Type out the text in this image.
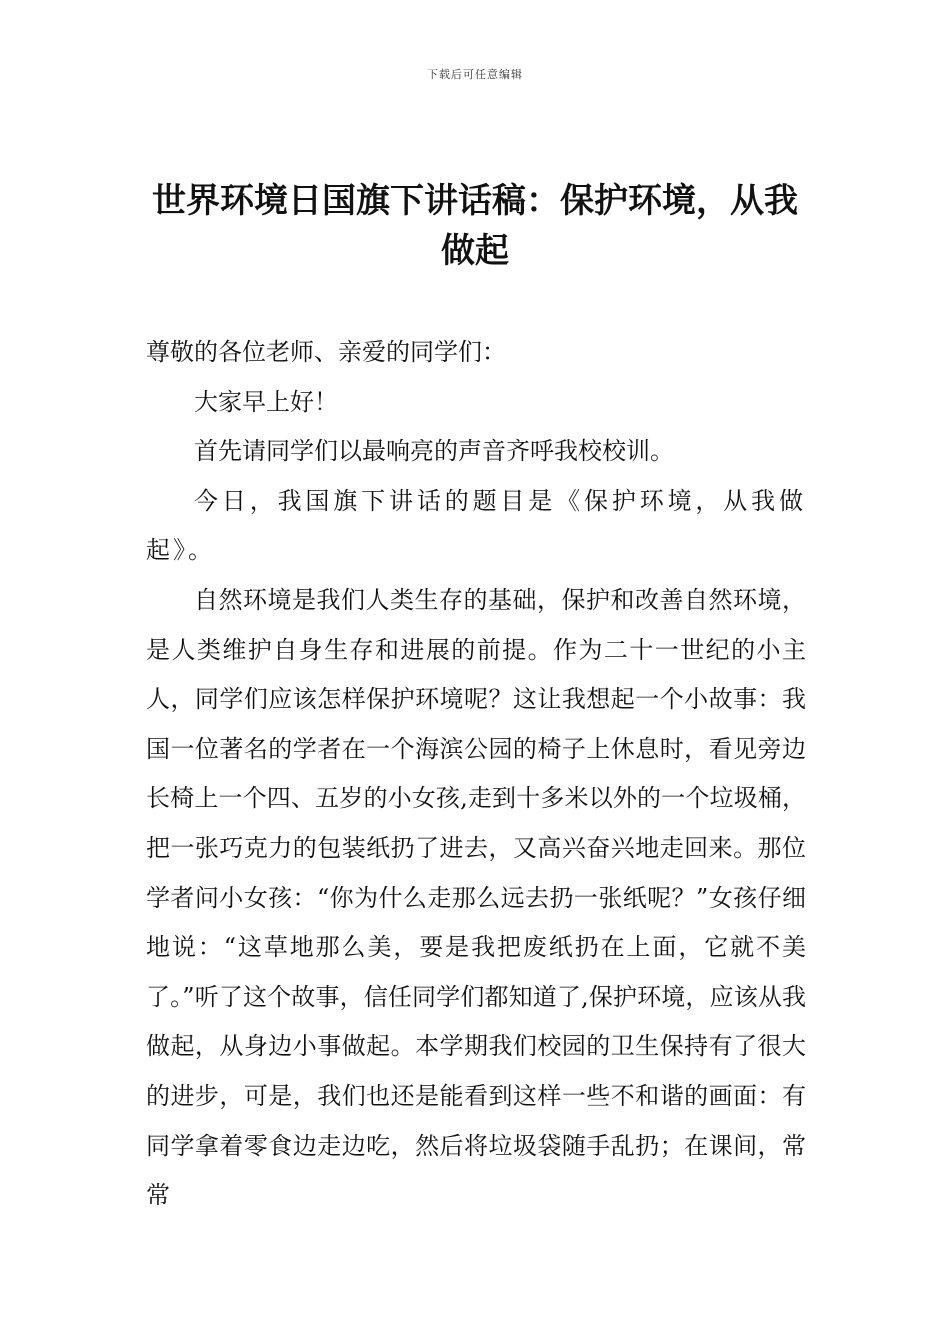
下载后可任意编辑
世界环境日国旗下讲话稿：保护环境，从我做起

尊敬的各位老师、亲爱的同学们：

大家早上好！

首先请同学们以最响亮的声音齐呼我校校训。

今日，我国旗下讲话的题目是《保护环境，从我做起》。

自然环境是我们人类生存的基础，保护和改善自然环境，是人类维护自身生存和进展的前提。作为二十一世纪的小主人，同学们应该怎样保护环境呢？这让我想起一个小故事：我国一位著名的学者在一个海滨公园的椅子上休息时，看见旁边长椅上一个四、五岁的小女孩,走到十多米以外的一个垃圾桶，把一张巧克力的包装纸扔了进去，又高兴奋兴地走回来。那位学者问小女孩：“你为什么走那么远去扔一张纸呢？”女孩仔细地说：“这草地那么美，要是我把废纸扔在上面，它就不美了。”听了这个故事，信任同学们都知道了,保护环境，应该从我做起，从身边小事做起。本学期我们校园的卫生保持有了很大的进步，可是，我们也还是能看到这样一些不和谐的画面：有同学拿着零食边走边吃，然后将垃圾袋随手乱扔；在课间，常常
